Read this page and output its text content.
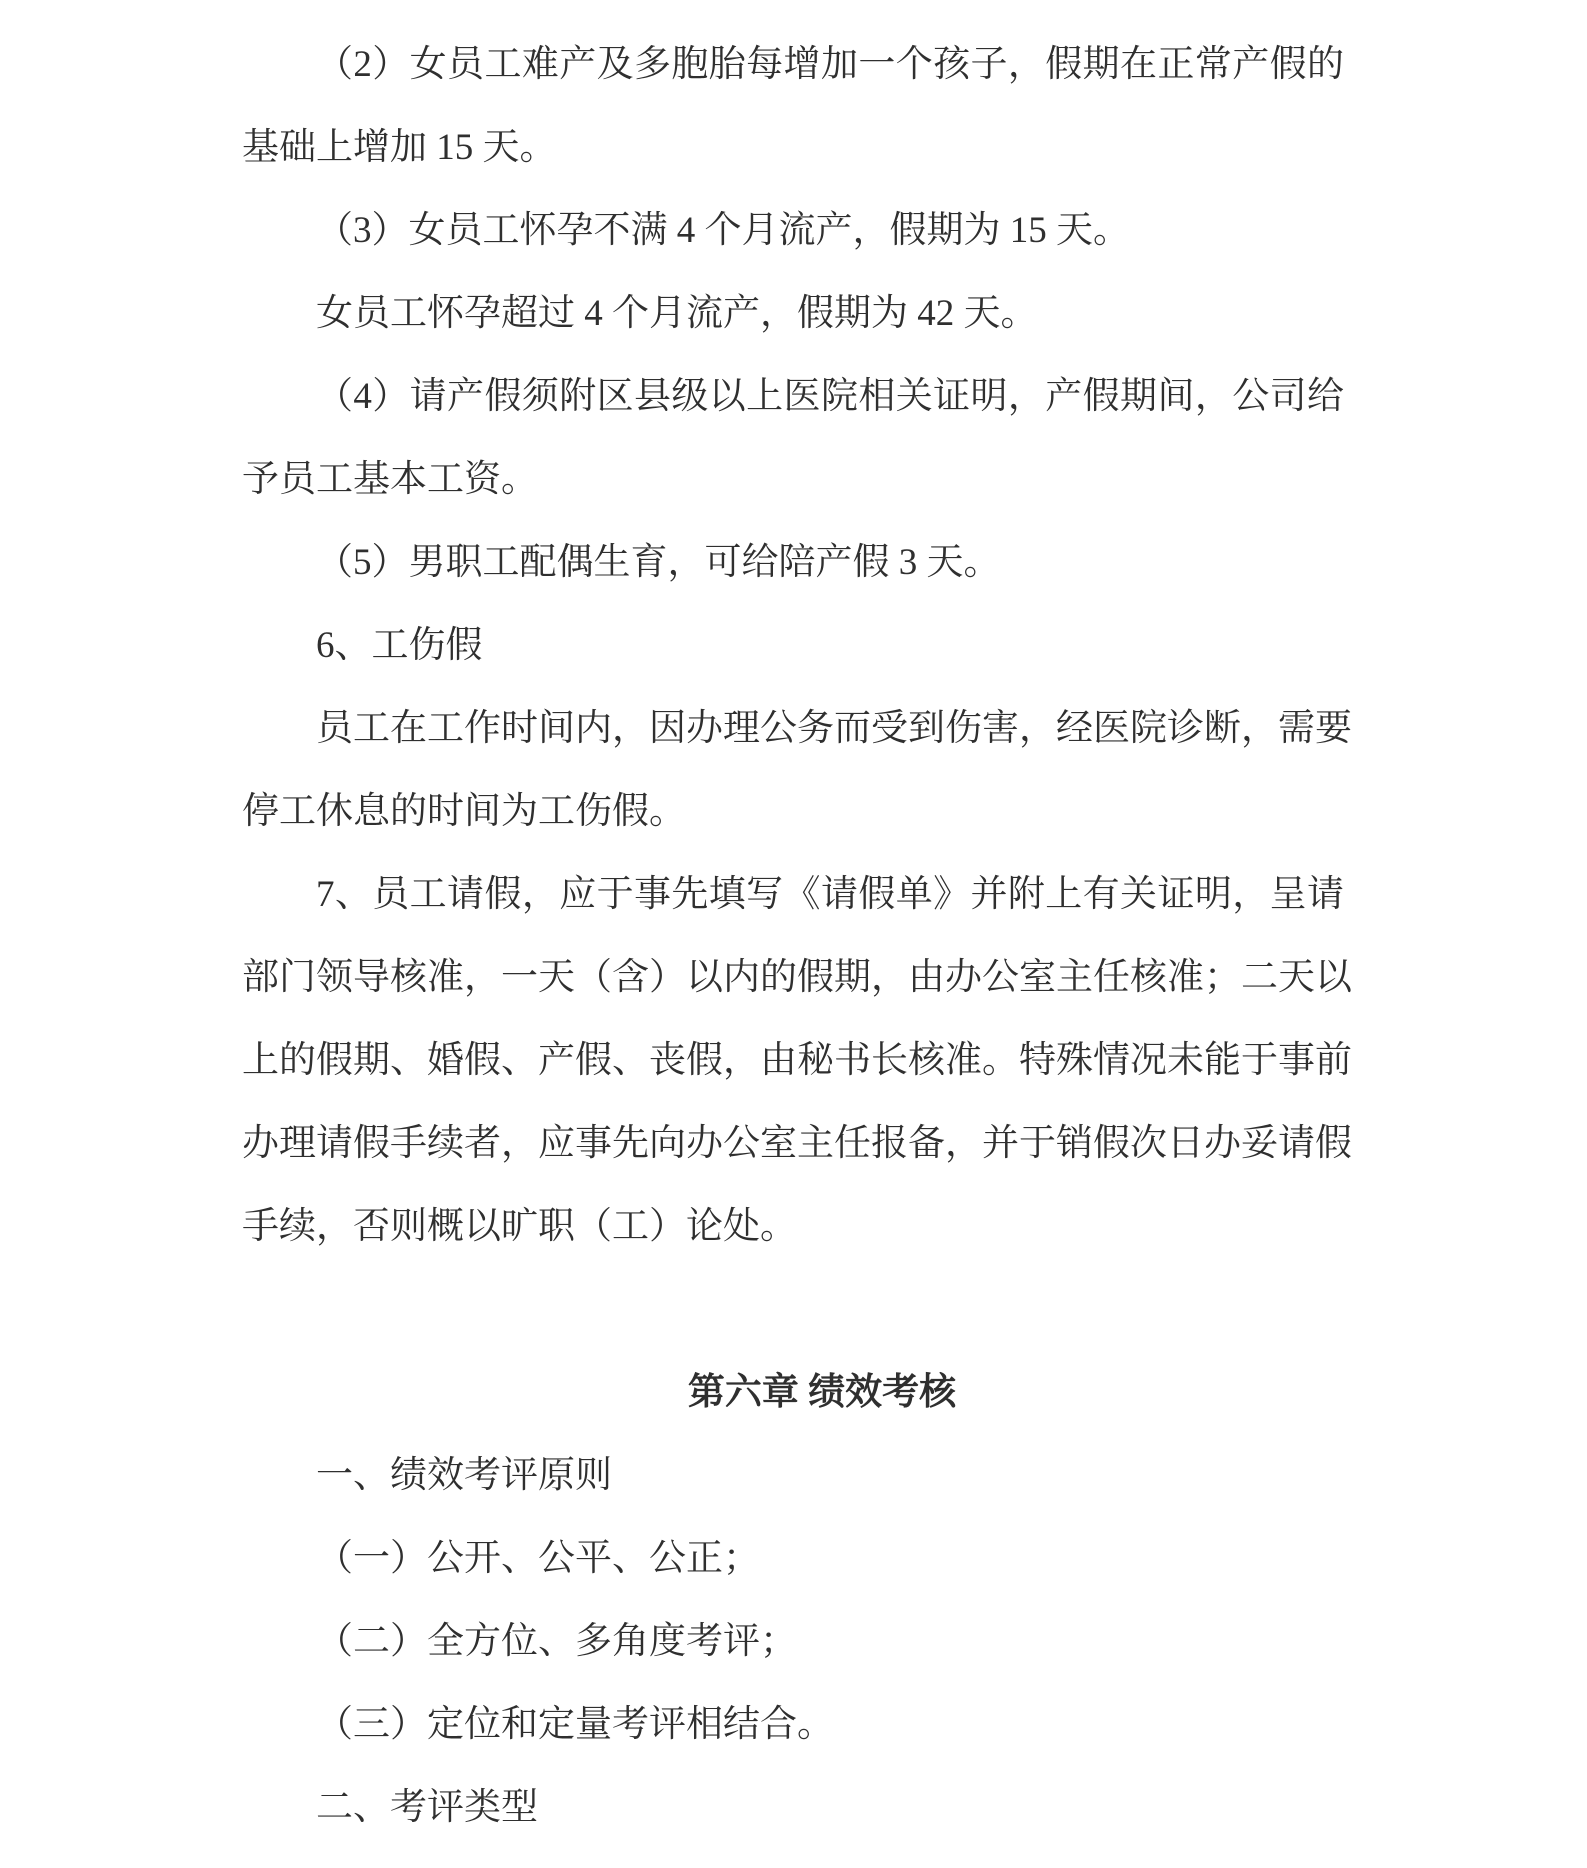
（2）女员工难产及多胞胎每增加一个孩子，假期在正常产假的
基础上增加 15 天。
（3）女员工怀孕不满 4 个月流产，假期为 15 天。
女员工怀孕超过 4 个月流产，假期为 42 天。
（4）请产假须附区县级以上医院相关证明，产假期间，公司给
予员工基本工资。
（5）男职工配偶生育，可给陪产假 3 天。
6、工伤假
员工在工作时间内，因办理公务而受到伤害，经医院诊断，需要
停工休息的时间为工伤假。
7、员工请假，应于事先填写《请假单》并附上有关证明，呈请
部门领导核准，一天（含）以内的假期，由办公室主任核准；二天以
上的假期、婚假、产假、丧假，由秘书长核准。特殊情况未能于事前
办理请假手续者，应事先向办公室主任报备，并于销假次日办妥请假
手续，否则概以旷职（工）论处。
第六章 绩效考核
一、绩效考评原则
（一）公开、公平、公正；
（二）全方位、多角度考评；
（三）定位和定量考评相结合。
二、考评类型
